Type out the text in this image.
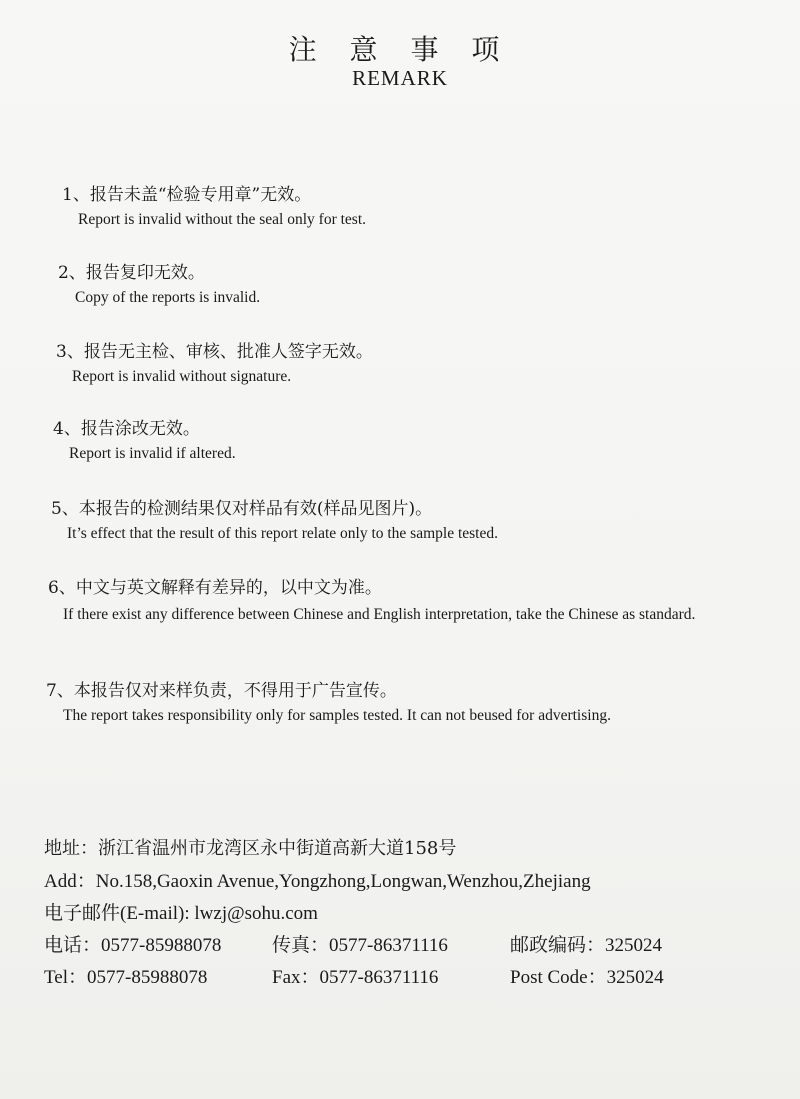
注 意 事 项
REMARK
1、报告未盖“检验专用章”无效。
Report is invalid without the seal only for test.
2、报告复印无效。
Copy of the reports is invalid.
3、报告无主检、审核、批准人签字无效。
Report is invalid without signature.
4、报告涂改无效。
Report is invalid if altered.
5、本报告的检测结果仅对样品有效(样品见图片)。
It’s effect that the result of this report relate only to the sample tested.
6、中文与英文解释有差异的，以中文为准。
If there exist any difference between Chinese and English interpretation, take the Chinese as standard.
7、本报告仅对来样负责，不得用于广告宣传。
The report takes responsibility only for samples tested. It can not beused for advertising.
地址：浙江省温州市龙湾区永中街道高新大道158号
Add：No.158,Gaoxin Avenue,Yongzhong,Longwan,Wenzhou,Zhejiang
电子邮件(E-mail): lwzj@sohu.com
电话：0577-85988078	传真：0577-86371116	邮政编码：325024
Tel：0577-85988078	Fax：0577-86371116	Post Code：325024
